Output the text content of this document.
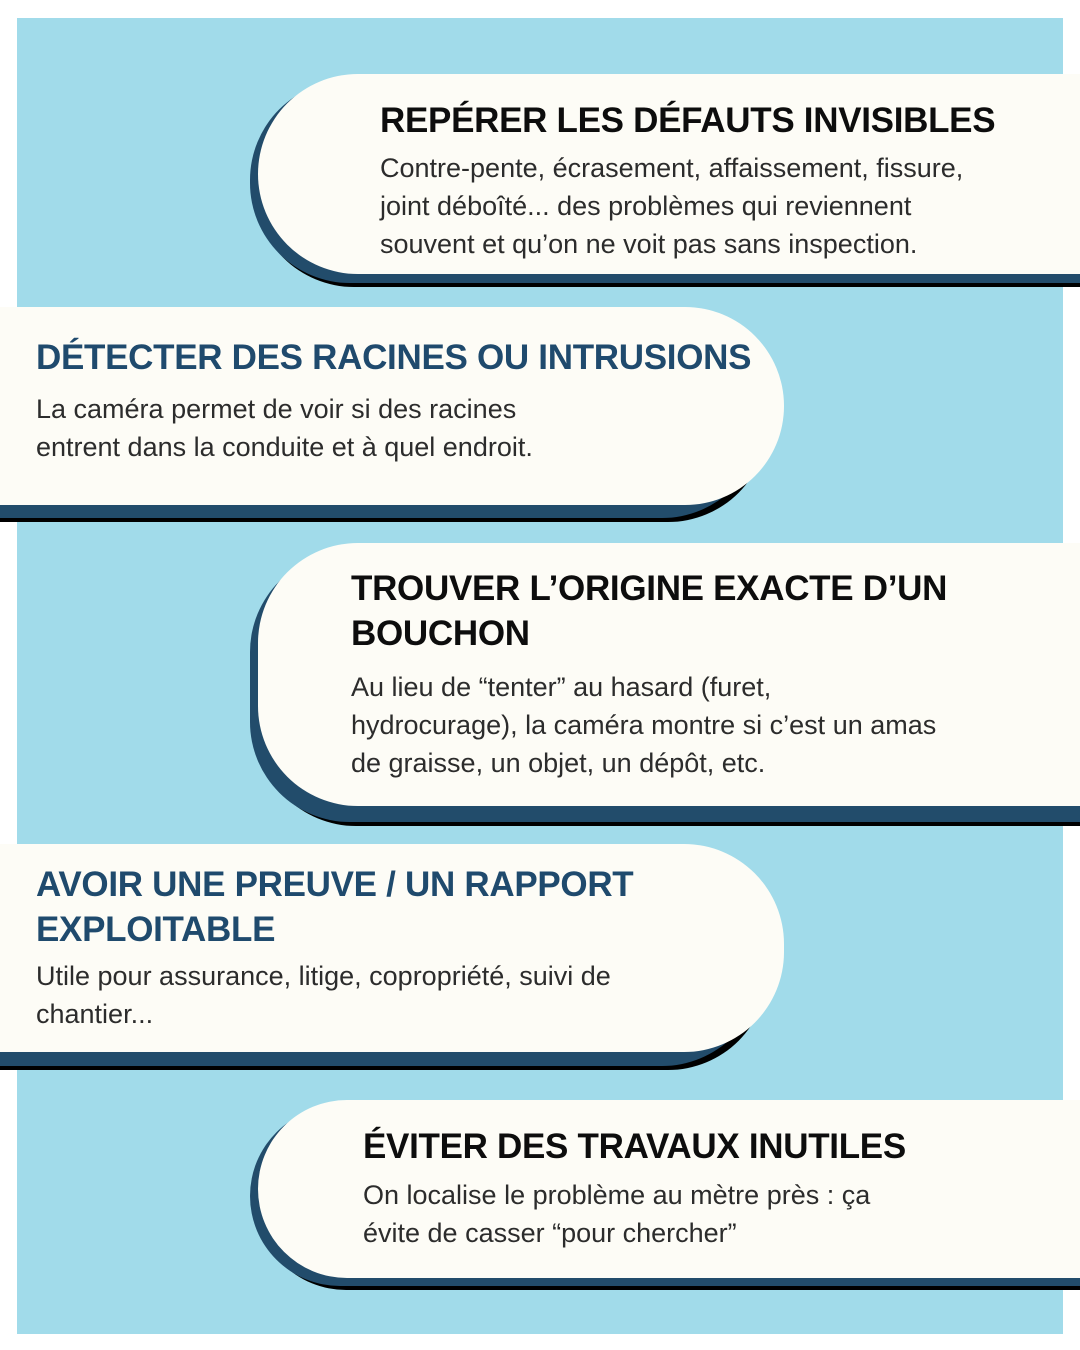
REPÉRER LES DÉFAUTS INVISIBLES

Contre-pente, écrasement, affaissement, fissure,
joint déboîté... des problèmes qui reviennent
souvent et qu’on ne voit pas sans inspection.

DÉTECTER DES RACINES OU INTRUSIONS

La caméra permet de voir si des racines
entrent dans la conduite et à quel endroit.

TROUVER L’ORIGINE EXACTE D’UN
BOUCHON

Au lieu de “tenter” au hasard (furet,
hydrocurage), la caméra montre si c’est un amas
de graisse, un objet, un dépôt, etc.

AVOIR UNE PREUVE / UN RAPPORT
EXPLOITABLE

Utile pour assurance, litige, copropriété, suivi de
chantier...

ÉVITER DES TRAVAUX INUTILES

On localise le problème au mètre près : ça
évite de casser “pour chercher”
